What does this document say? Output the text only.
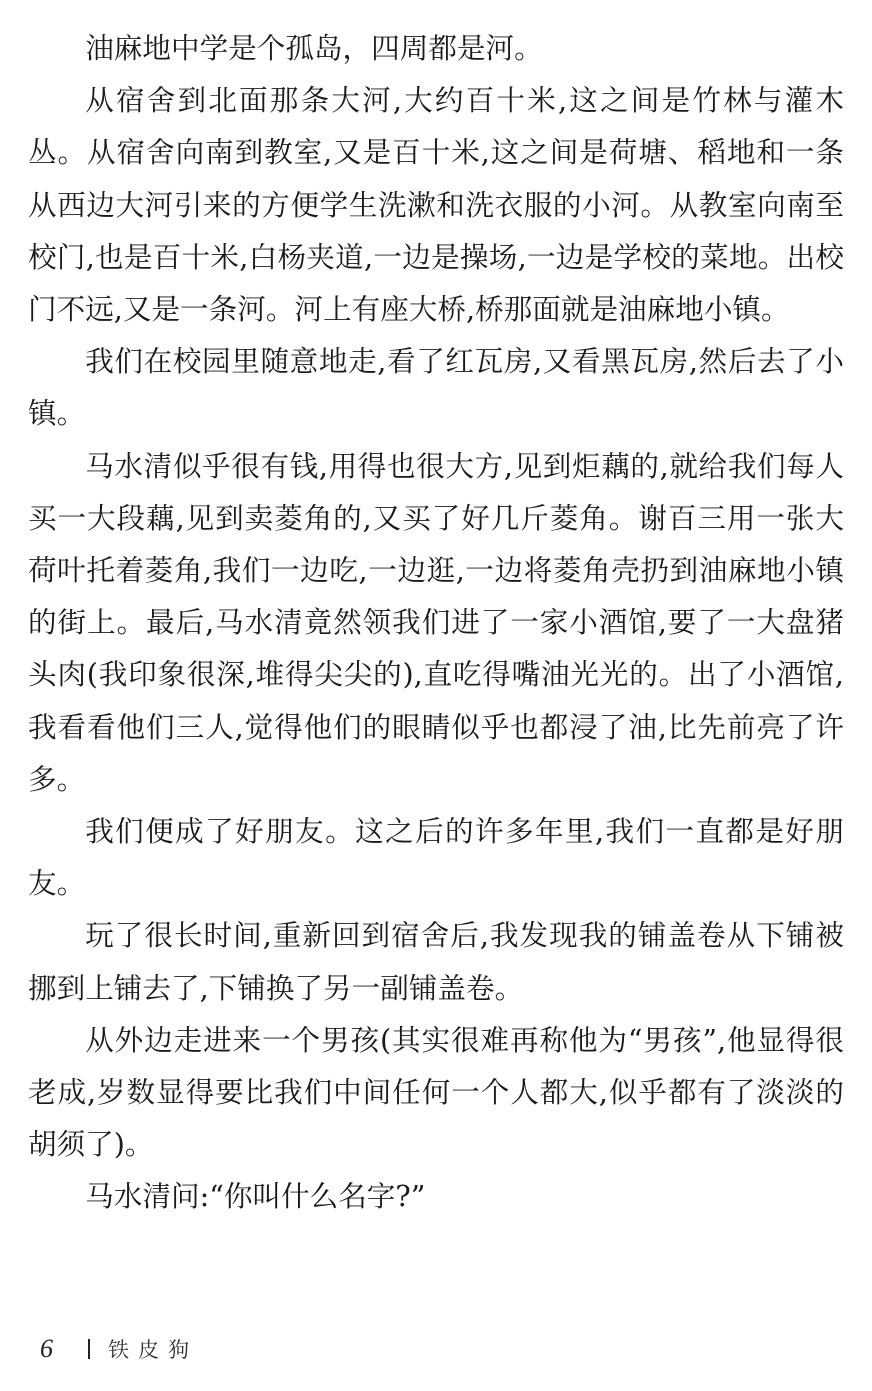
油麻地中学是个孤岛，四周都是河。

从宿舍到北面那条大河,大约百十米,这之间是竹林与灌木丛。从宿舍向南到教室,又是百十米,这之间是荷塘、稻地和一条从西边大河引来的方便学生洗漱和洗衣服的小河。从教室向南至校门,也是百十米,白杨夹道,一边是操场,一边是学校的菜地。出校门不远,又是一条河。河上有座大桥,桥那面就是油麻地小镇。

我们在校园里随意地走,看了红瓦房,又看黑瓦房,然后去了小镇。

马水清似乎很有钱,用得也很大方,见到炬藕的,就给我们每人买一大段藕,见到卖菱角的,又买了好几斤菱角。谢百三用一张大荷叶托着菱角,我们一边吃,一边逛,一边将菱角壳扔到油麻地小镇的街上。最后,马水清竟然领我们进了一家小酒馆,要了一大盘猪头肉(我印象很深,堆得尖尖的),直吃得嘴油光光的。出了小酒馆,我看看他们三人,觉得他们的眼睛似乎也都浸了油,比先前亮了许多。

我们便成了好朋友。这之后的许多年里,我们一直都是好朋友。

玩了很长时间,重新回到宿舍后,我发现我的铺盖卷从下铺被挪到上铺去了,下铺换了另一副铺盖卷。

从外边走进来一个男孩(其实很难再称他为“男孩”,他显得很老成,岁数显得要比我们中间任何一个人都大,似乎都有了淡淡的胡须了)。

马水清问:“你叫什么名字?”

6	铁皮狗
